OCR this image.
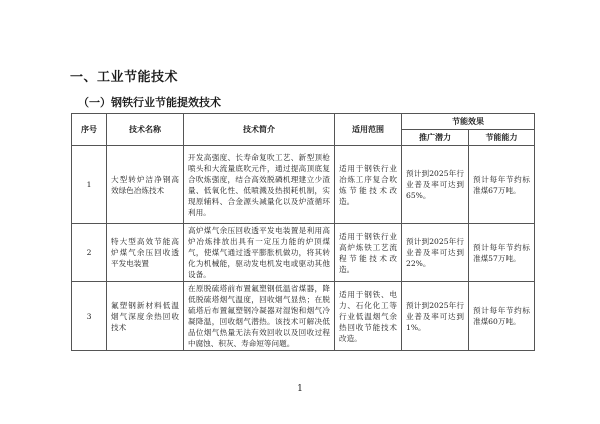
一、工业节能技术
（一）钢铁行业节能提效技术
序号	技术名称	技术简介	适用范围	节能效果	
				推广潜力	节能能力
1	大型转炉洁净钢高效绿色冶炼技术	开发高强度、长寿命复吹工艺、新型顶枪喷头和大流量底吹元件，通过提高顶底复合吹炼强度，结合高效脱磷机理建立少渣量、低氧化性、低喷溅及热损耗机制，实现原辅料、合金源头减量化以及炉渣循环利用。	适用于钢铁行业冶炼工序复合吹炼节能技术改造。	预计到2025年行业普及率可达到65%。	预计每年节约标准煤67万吨。
2	特大型高效节能高炉煤气余压回收透平发电装置	高炉煤气余压回收透平发电装置是利用高炉冶炼排放出具有一定压力能的炉顶煤气，使煤气通过透平膨胀机做功，将其转化为机械能，驱动发电机发电或驱动其他设备。	适用于钢铁行业高炉炼铁工艺流程节能技术改造。	预计到2025年行业普及率可达到22%。	预计每年节约标准煤57万吨。
3	氟塑钢新材料低温烟气深度余热回收技术	在原脱硫塔前布置氟塑钢低温省煤器，降低脱硫塔烟气温度，回收烟气显热；在脱硫塔后布置氟塑钢冷凝器对湿饱和烟气冷凝降温，回收烟气潜热。该技术可解决低品位烟气热量无法有效回收以及回收过程中腐蚀、积灰、寿命短等问题。	适用于钢铁、电力、石化化工等行业低温烟气余热回收节能技术改造。	预计到2025年行业普及率可达到1%。	预计每年节约标准煤60万吨。
1
